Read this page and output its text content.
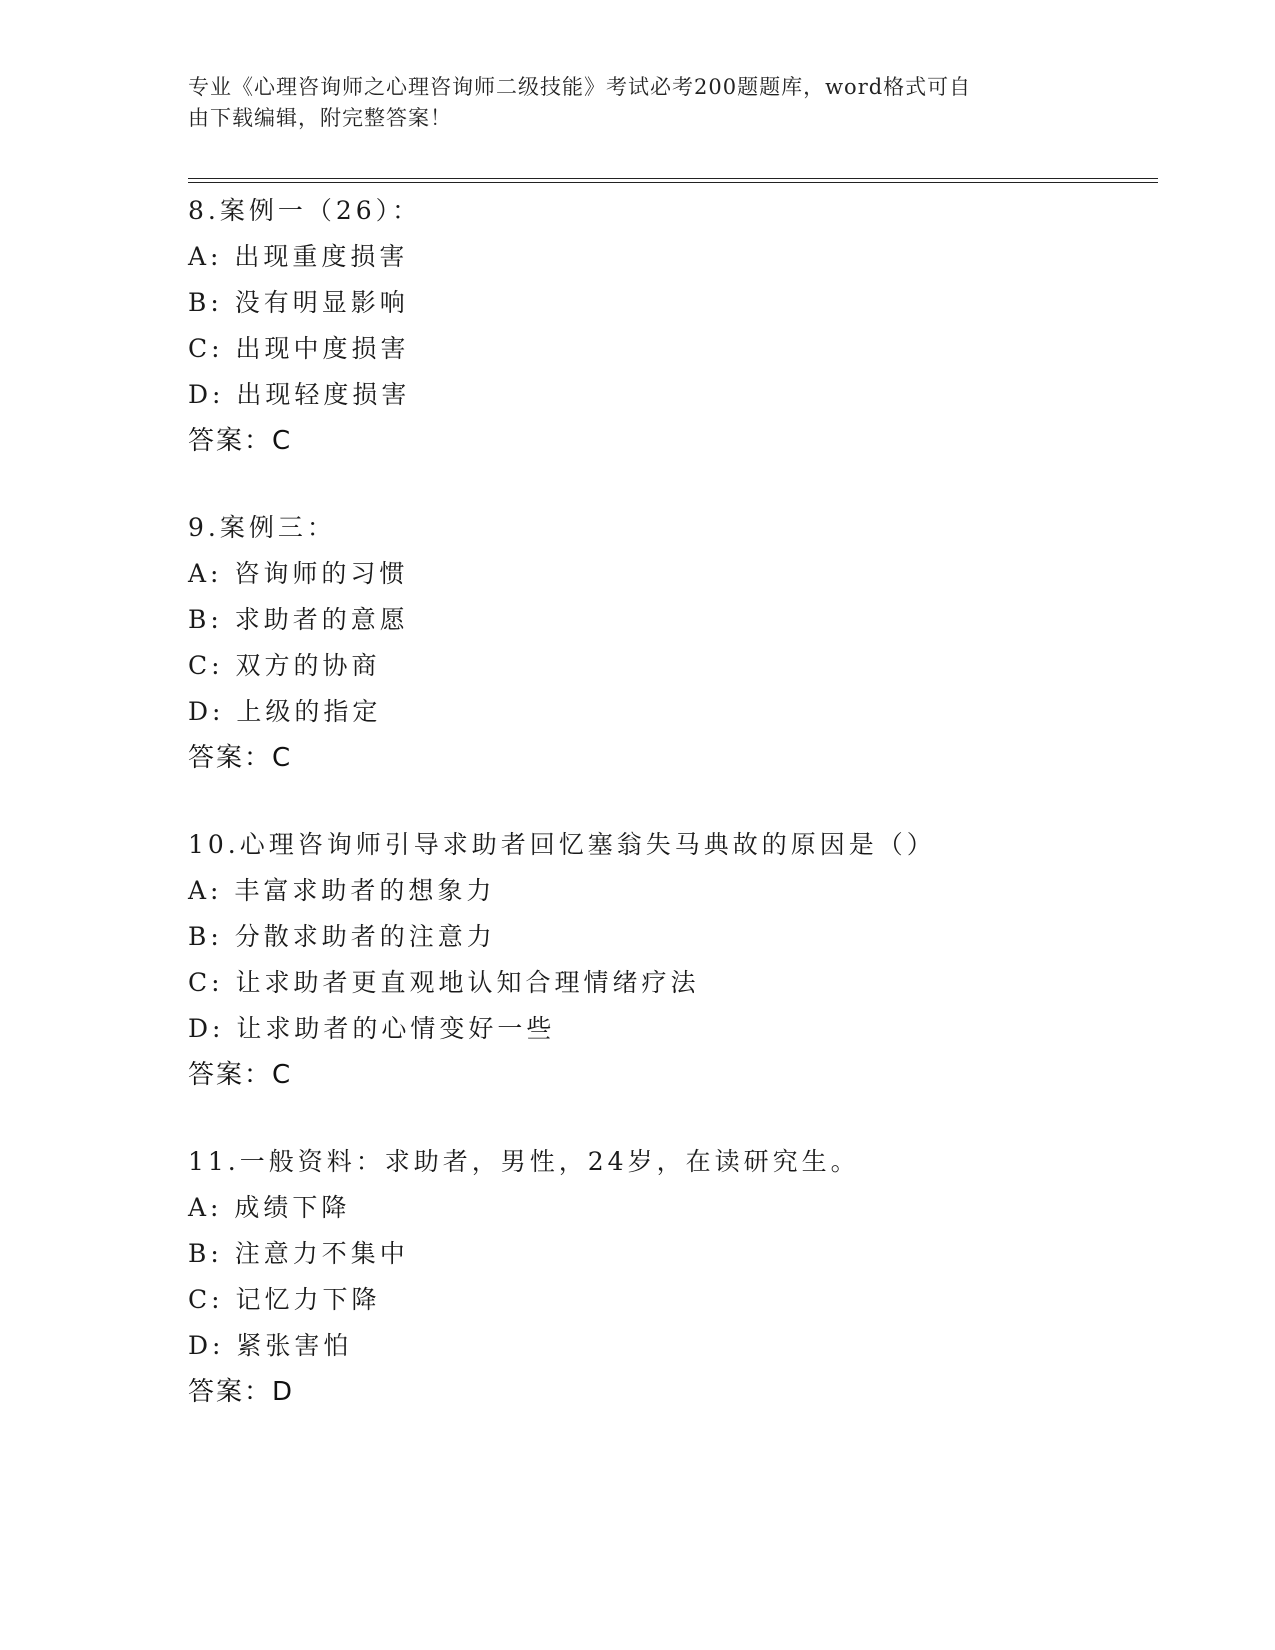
专业《心理咨询师之心理咨询师二级技能》考试必考200题题库，word格式可自
由下载编辑，附完整答案！
8.案例一（26）：
A: 出现重度损害
B: 没有明显影响
C: 出现中度损害
D: 出现轻度损害
答案：C
9.案例三：
A: 咨询师的习惯
B: 求助者的意愿
C: 双方的协商
D: 上级的指定
答案：C
10.心理咨询师引导求助者回忆塞翁失马典故的原因是（）
A: 丰富求助者的想象力
B: 分散求助者的注意力
C: 让求助者更直观地认知合理情绪疗法
D: 让求助者的心情变好一些
答案：C
11.一般资料：求助者，男性，24岁，在读研究生。
A: 成绩下降
B: 注意力不集中
C: 记忆力下降
D: 紧张害怕
答案：D
